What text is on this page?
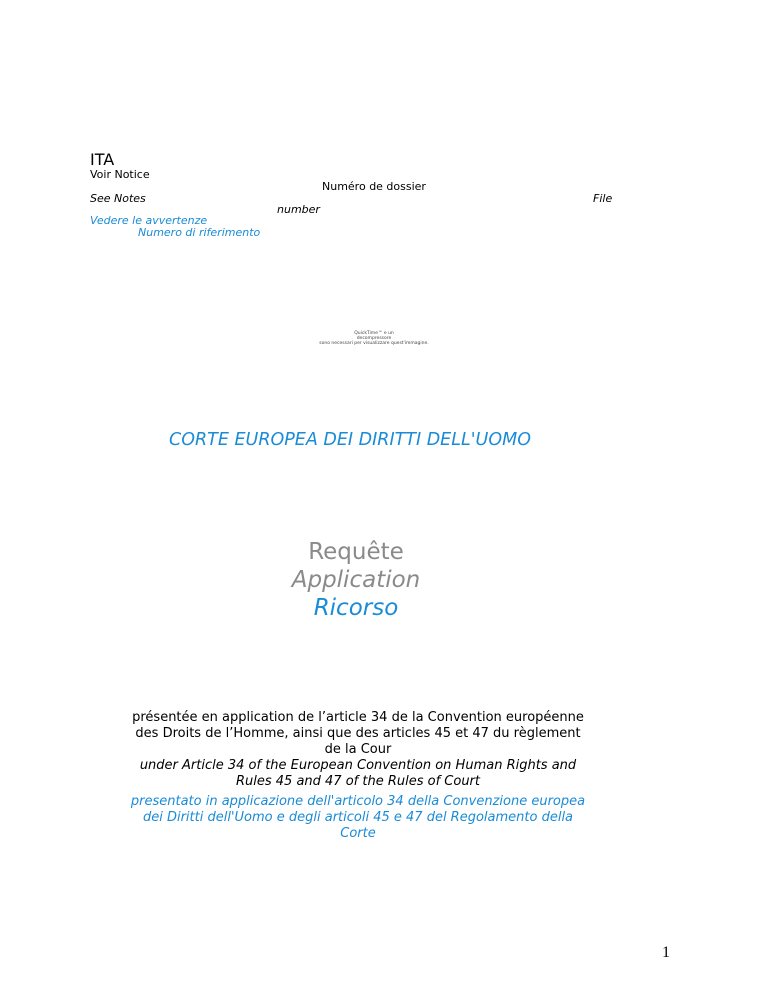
ITA
Voir Notice
Numéro de dossier
See Notes	File
number
Vedere le avvertenze
Numero di riferimento
QuickTime™ e un
decompressore
sono necessari per visualizzare quest'immagine.
CORTE EUROPEA DEI DIRITTI DELL'UOMO
Requête
Application
Ricorso
présentée en application de l’article 34 de la Convention européenne des Droits de l’Homme, ainsi que des articles 45 et 47 du règlement de la Cour
under Article 34 of the European Convention on Human Rights and Rules 45 and 47 of the Rules of Court
presentato in applicazione dell'articolo 34 della Convenzione europea dei Diritti dell'Uomo e degli articoli 45 e 47 del Regolamento della Corte
1
